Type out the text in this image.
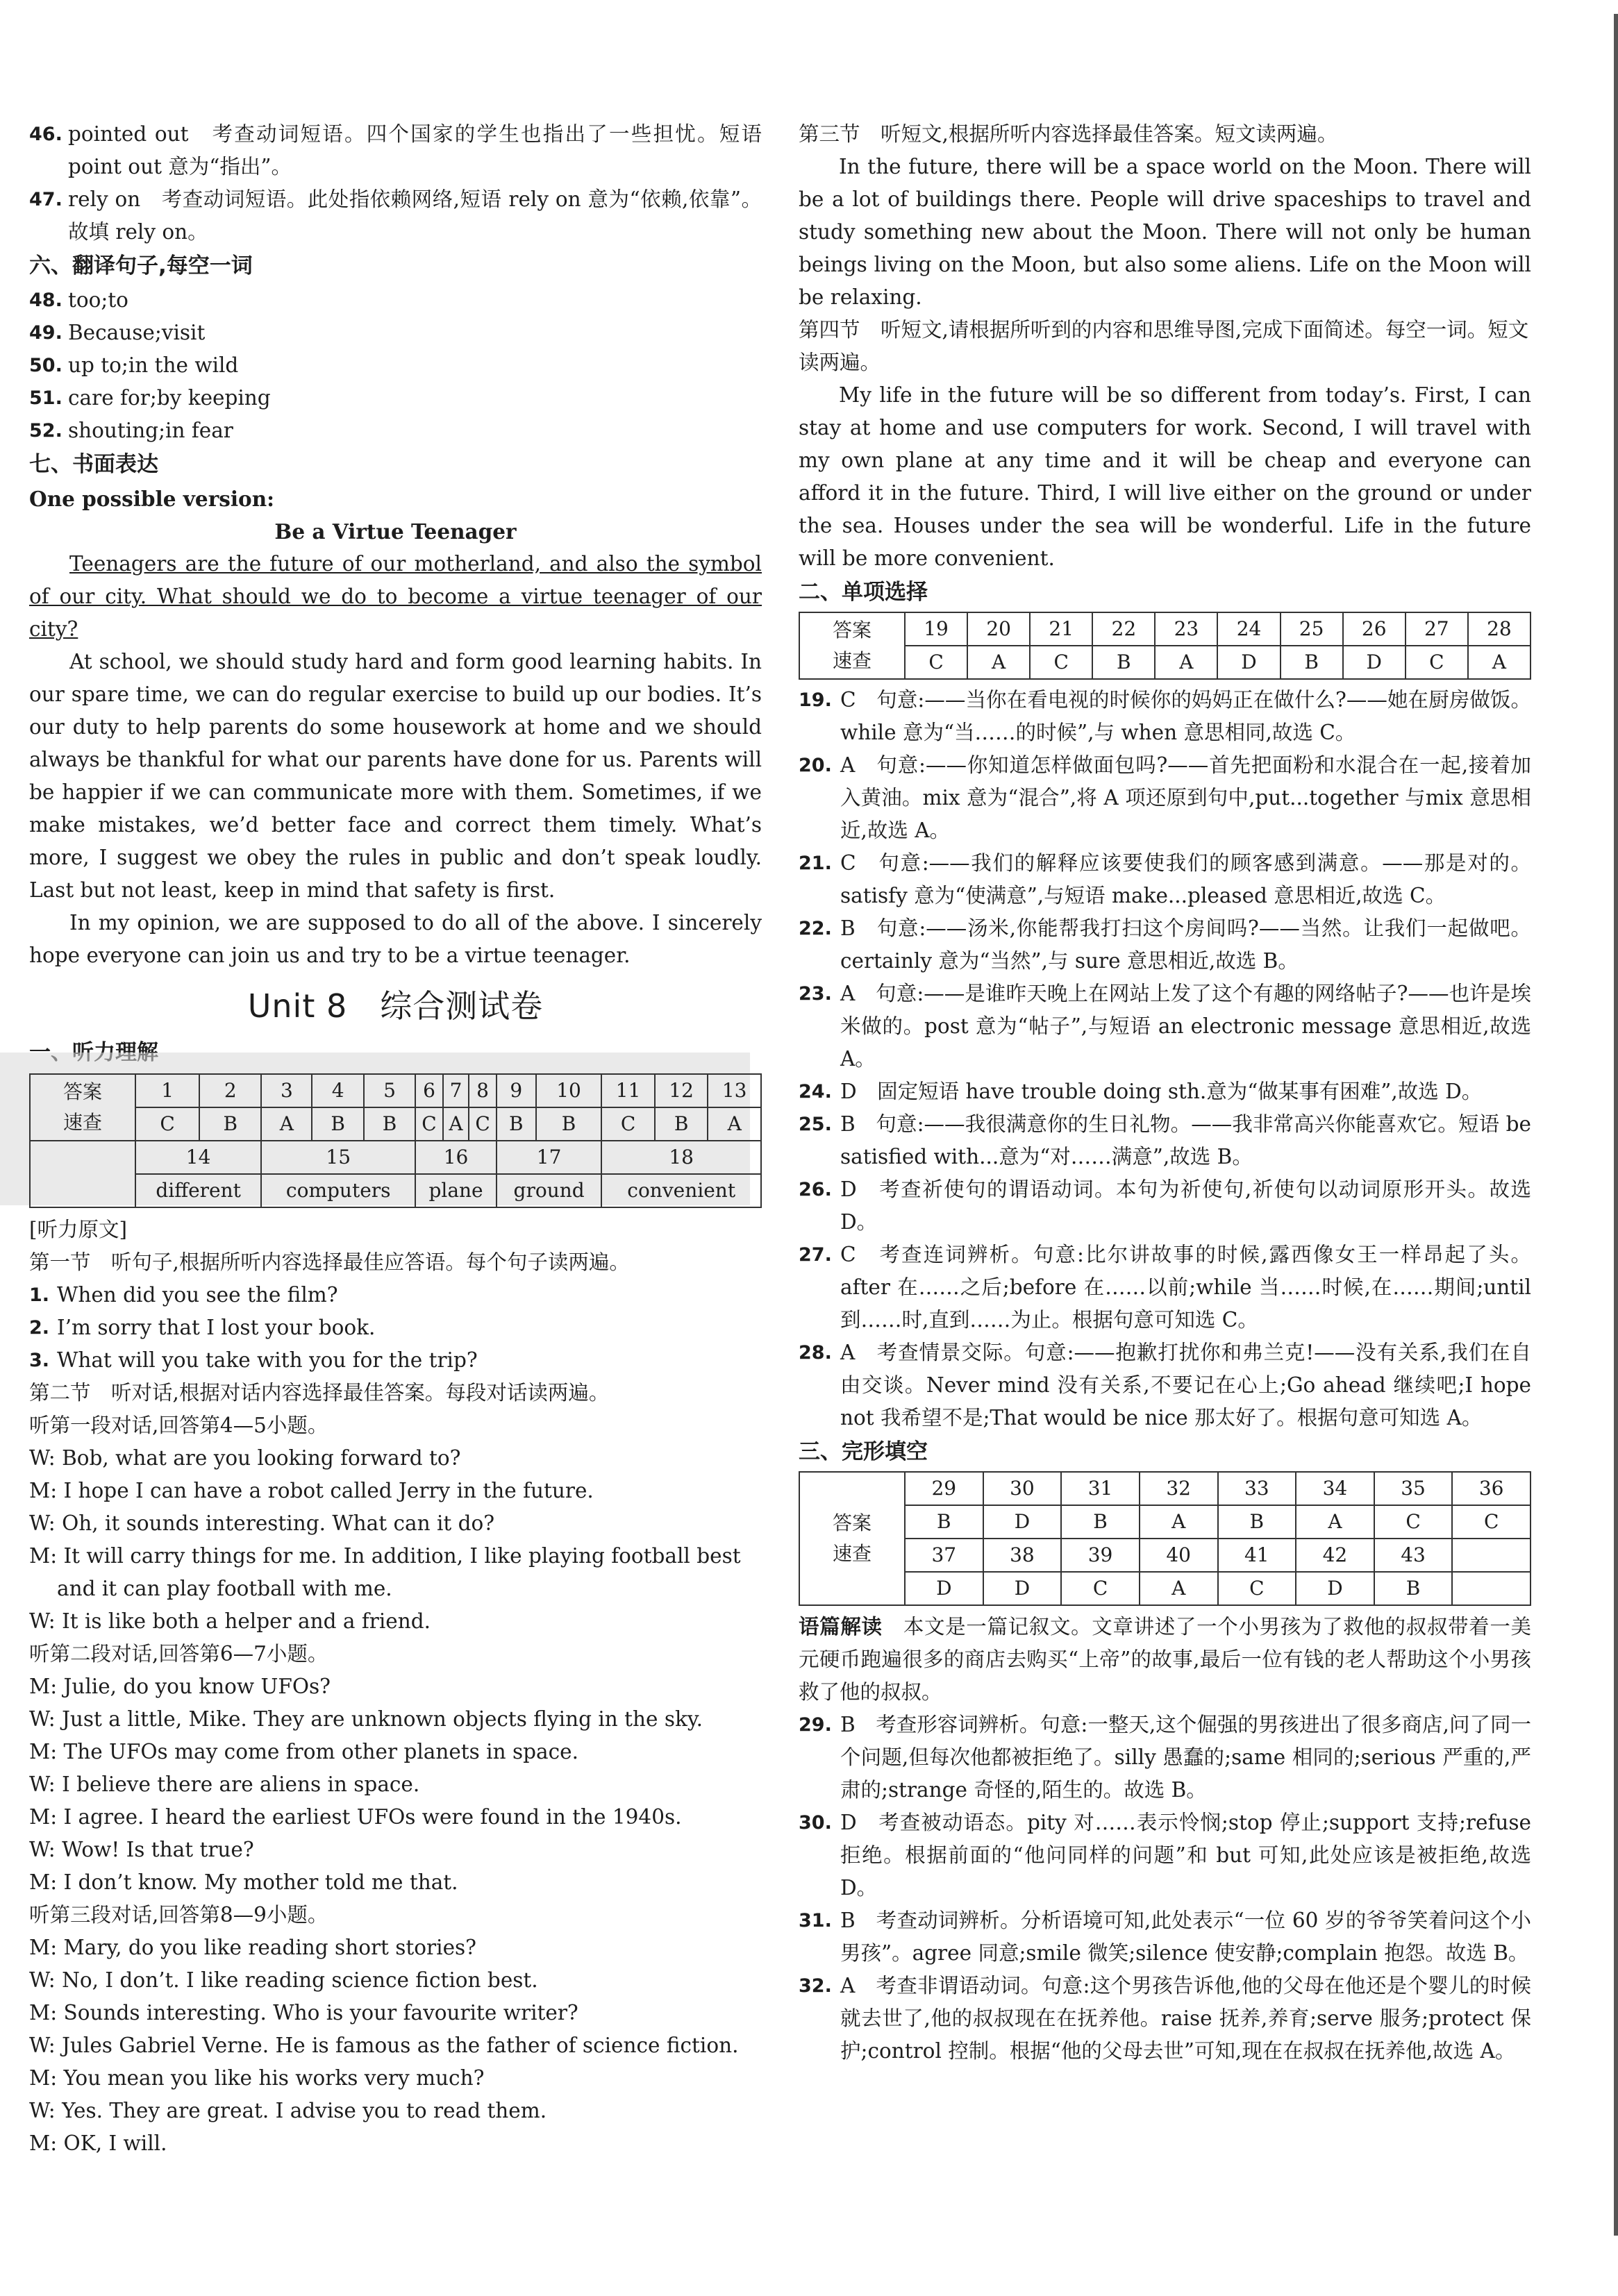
46. pointed out　考查动词短语。四个国家的学生也指出了一些担忧。短语point out 意为“指出”。
47. rely on　考查动词短语。此处指依赖网络,短语 rely on 意为“依赖,依靠”。故填 rely on。
六、翻译句子,每空一词
48. too;to
49. Because;visit
50. up to;in the wild
51. care for;by keeping
52. shouting;in fear
七、书面表达
One possible version:
Be a Virtue Teenager
Teenagers are the future of our motherland, and also the symbol of our city. What should we do to become a virtue teenager of our city?
At school, we should study hard and form good learning habits. In our spare time, we can do regular exercise to build up our bodies. It’s our duty to help parents do some housework at home and we should always be thankful for what our parents have done for us. Parents will be happier if we can communicate more with them. Sometimes, if we make mistakes, we’d better face and correct them timely. What’s more, I suggest we obey the rules in public and don’t speak loudly. Last but not least, keep in mind that safety is first.
In my opinion, we are supposed to do all of the above. I sincerely hope everyone can join us and try to be a virtue teenager.
Unit 8　综合测试卷
答案
速查	1	2	3	4	5	6	7	8	9	10	11	12	13
	C	B	A	B	B	C	A	C	B	B	C	B	A
	14		15			16			17		18		
	different		computers			plane			ground		convenient		
[听力原文]
第一节　听句子,根据所听内容选择最佳应答语。每个句子读两遍。
1. When did you see the film?
2. I’m sorry that I lost your book.
3. What will you take with you for the trip?
第二节　听对话,根据对话内容选择最佳答案。每段对话读两遍。
听第一段对话,回答第4—5小题。
W: Bob, what are you looking forward to?
M: I hope I can have a robot called Jerry in the future.
W: Oh, it sounds interesting. What can it do?
M: It will carry things for me. In addition, I like playing football best and it can play football with me.
W: It is like both a helper and a friend.
听第二段对话,回答第6—7小题。
M: Julie, do you know UFOs?
W: Just a little, Mike. They are unknown objects flying in the sky.
M: The UFOs may come from other planets in space.
W: I believe there are aliens in space.
M: I agree. I heard the earliest UFOs were found in the 1940s.
W: Wow! Is that true?
M: I don’t know. My mother told me that.
听第三段对话,回答第8—9小题。
M: Mary, do you like reading short stories?
W: No, I don’t. I like reading science fiction best.
M: Sounds interesting. Who is your favourite writer?
W: Jules Gabriel Verne. He is famous as the father of science fiction.
M: You mean you like his works very much?
W: Yes. They are great. I advise you to read them.
M: OK, I will.
第三节　听短文,根据所听内容选择最佳答案。短文读两遍。
In the future, there will be a space world on the Moon. There will be a lot of buildings there. People will drive spaceships to travel and study something new about the Moon. There will not only be human beings living on the Moon, but also some aliens. Life on the Moon will be relaxing.
第四节　听短文,请根据所听到的内容和思维导图,完成下面简述。每空一词。短文读两遍。
My life in the future will be so different from today’s. First, I can stay at home and use computers for work. Second, I will travel with my own plane at any time and it will be cheap and everyone can afford it in the future. Third, I will live either on the ground or under the sea. Houses under the sea will be wonderful. Life in the future will be more convenient.
二、单项选择
答案
速查	19	20	21	22	23	24	25	26	27	28
	C	A	C	B	A	D	B	D	C	A
19. C　句意:——当你在看电视的时候你的妈妈正在做什么?——她在厨房做饭。while 意为“当……的时候”,与 when 意思相同,故选 C。
20. A　句意:——你知道怎样做面包吗?——首先把面粉和水混合在一起,接着加入黄油。mix 意为“混合”,将 A 项还原到句中,put...together 与mix 意思相近,故选 A。
21. C　句意:——我们的解释应该要使我们的顾客感到满意。——那是对的。satisfy 意为“使满意”,与短语 make...pleased 意思相近,故选 C。
22. B　句意:——汤米,你能帮我打扫这个房间吗?——当然。让我们一起做吧。certainly 意为“当然”,与 sure 意思相近,故选 B。
23. A　句意:——是谁昨天晚上在网站上发了这个有趣的网络帖子?——也许是埃米做的。post 意为“帖子”,与短语 an electronic message 意思相近,故选 A。
24. D　固定短语 have trouble doing sth.意为“做某事有困难”,故选 D。
25. B　句意:——我很满意你的生日礼物。——我非常高兴你能喜欢它。短语 be satisfied with...意为“对……满意”,故选 B。
26. D　考查祈使句的谓语动词。本句为祈使句,祈使句以动词原形开头。故选 D。
27. C　考查连词辨析。句意:比尔讲故事的时候,露西像女王一样昂起了头。after 在……之后;before 在……以前;while 当……时候,在……期间;until 到……时,直到……为止。根据句意可知选 C。
28. A　考查情景交际。句意:——抱歉打扰你和弗兰克!——没有关系,我们在自由交谈。Never mind 没有关系,不要记在心上;Go ahead 继续吧;I hope not 我希望不是;That would be nice 那太好了。根据句意可知选 A。
三、完形填空
答案
速查	29	30	31	32	33	34	35	36
	B	D	B	A	B	A	C	C
	37	38	39	40	41	42	43	
	D	D	C	A	C	D	B	
语篇解读　 本文是一篇记叙文。文章讲述了一个小男孩为了救他的叔叔带着一美元硬币跑遍很多的商店去购买“上帝”的故事,最后一位有钱的老人帮助这个小男孩救了他的叔叔。
29. B　考查形容词辨析。句意:一整天,这个倔强的男孩进出了很多商店,问了同一个问题,但每次他都被拒绝了。silly 愚蠢的;same 相同的;serious 严重的,严肃的;strange 奇怪的,陌生的。故选 B。
30. D　考查被动语态。pity 对……表示怜悯;stop 停止;support 支持;refuse 拒绝。根据前面的“他问同样的问题”和 but 可知,此处应该是被拒绝,故选 D。
31. B　考查动词辨析。分析语境可知,此处表示“一位 60 岁的爷爷笑着问这个小男孩”。agree 同意;smile 微笑;silence 使安静;complain 抱怨。故选 B。
32. A　考查非谓语动词。句意:这个男孩告诉他,他的父母在他还是个婴儿的时候就去世了,他的叔叔现在在抚养他。raise 抚养,养育;serve 服务;protect 保护;control 控制。根据“他的父母去世”可知,现在在叔叔在抚养他,故选 A。
